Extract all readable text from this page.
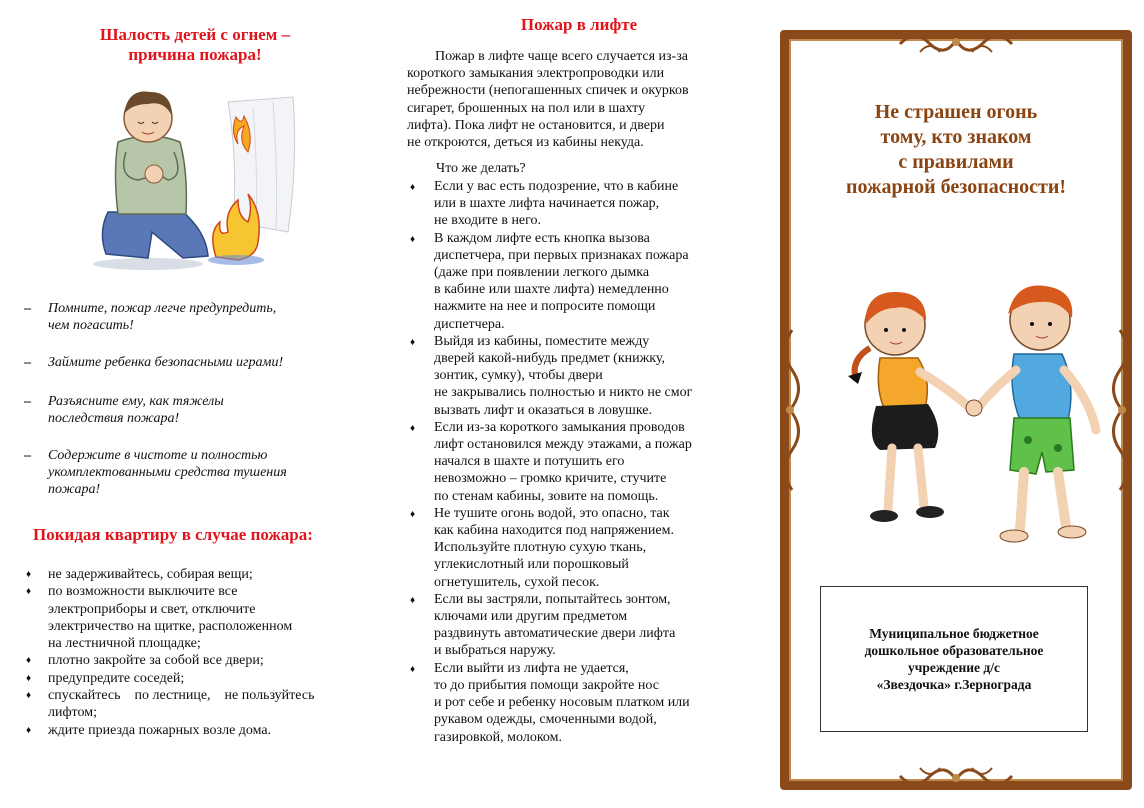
Шалость детей с огнем –
причина пожара!
– Помните, пожар легче предупредить,
чем погасить!
– Займите ребенка безопасными играми!
– Разъясните ему, как тяжелы
последствия пожара!
– Содержите в чистоте и полностью
укомплектованными средства тушения
пожара!
Покидая квартиру в случае пожара:
♦ не задерживайтесь, собирая вещи;
♦ по возможности выключите все
электроприборы и свет, отключите
электричество на щитке, расположенном
на лестничной площадке;
♦ плотно закройте за собой все двери;
♦ предупредите соседей;
♦ спускайтесь    по лестнице,    не пользуйтесь
лифтом;
♦ ждите приезда пожарных возле дома.
Пожар в лифте

Пожар в лифте чаще всего случается из-за

короткого замыкания электропроводки или

небрежности (непогашенных спичек и окурков

сигарет, брошенных на пол или в шахту

лифта). Пока лифт не остановится, и двери

не откроются, деться из кабины некуда.

Что же делать?
♦ Если у вас есть подозрение, что в кабине
или в шахте лифта начинается пожар,
не входите в него.
♦ В каждом лифте есть кнопка вызова
диспетчера, при первых признаках пожара
(даже при появлении легкого дымка
в кабине или шахте лифта) немедленно
нажмите на нее и попросите помощи
диспетчера.
♦ Выйдя из кабины, поместите между
дверей какой-нибудь предмет (книжку,
зонтик, сумку), чтобы двери
не закрывались полностью и никто не смог
вызвать лифт и оказаться в ловушке.
♦ Если из-за короткого замыкания проводов
лифт остановился между этажами, а пожар
начался в шахте и потушить его
невозможно – громко кричите, стучите
по стенам кабины, зовите на помощь.
♦ Не тушите огонь водой, это опасно, так
как кабина находится под напряжением.
Используйте плотную сухую ткань,
углекислотный или порошковый
огнетушитель, сухой песок.
♦ Если вы застряли, попытайтесь зонтом,
ключами или другим предметом
раздвинуть автоматические двери лифта
и выбраться наружу.
♦ Если выйти из лифта не удается,
то до прибытия помощи закройте нос
и рот себе и ребенку носовым платком или
рукавом одежды, смоченными водой,
газировкой, молоком.
Не страшен огонь
тому, кто знаком
с правилами
пожарной безопасности!
Муниципальное бюджетное
дошкольное образовательное
учреждение д/с
«Звездочка» г.Зернограда
